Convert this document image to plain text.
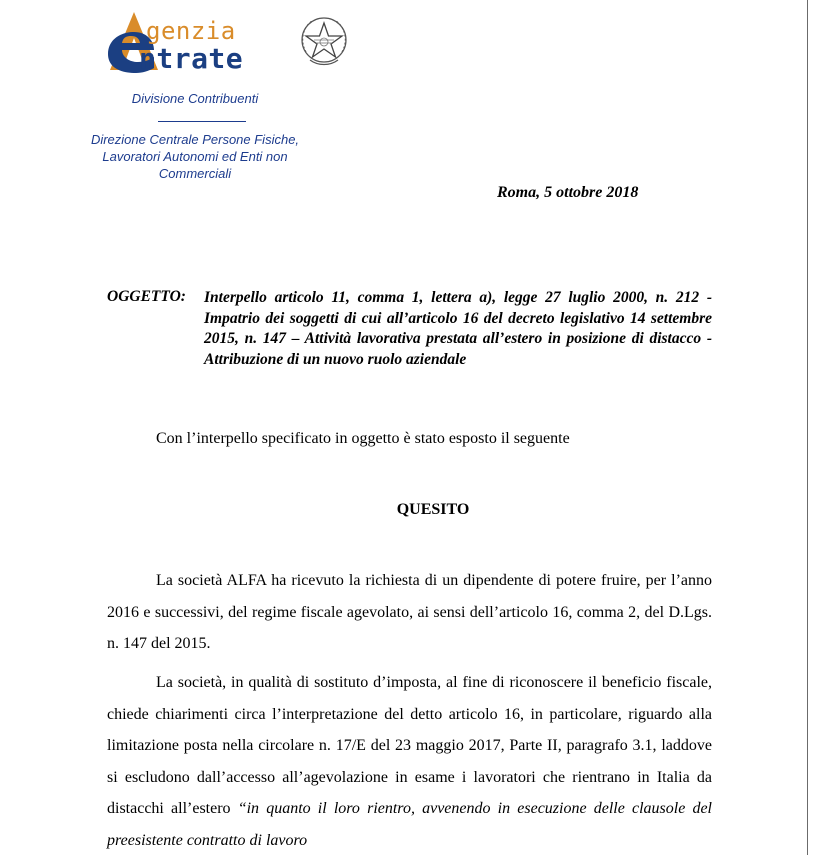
genzia
ntrate
Divisione Contribuenti
Direzione Centrale Persone Fisiche,
Lavoratori Autonomi ed Enti non
Commerciali
Roma, 5 ottobre 2018
OGGETTO: Interpello articolo 11, comma 1, lettera a), legge 27 luglio 2000, n. 212 - Impatrio dei soggetti di cui all’articolo 16 del decreto legislativo 14 settembre 2015, n. 147 – Attività lavorativa prestata all’estero in posizione di distacco - Attribuzione di un nuovo ruolo aziendale
Con l’interpello specificato in oggetto è stato esposto il seguente
QUESITO
La società ALFA ha ricevuto la richiesta di un dipendente di potere fruire, per l’anno 2016 e successivi, del regime fiscale agevolato, ai sensi dell’articolo 16, comma 2, del D.Lgs. n. 147 del 2015.
La società, in qualità di sostituto d’imposta, al fine di riconoscere il beneficio fiscale, chiede chiarimenti circa l’interpretazione del detto articolo 16, in particolare, riguardo alla limitazione posta nella circolare n. 17/E del 23 maggio 2017, Parte II, paragrafo 3.1, laddove si escludono dall’accesso all’agevolazione in esame i lavoratori che rientrano in Italia da distacchi all’estero “in quanto il loro rientro, avvenendo in esecuzione delle clausole del preesistente contratto di lavoro
